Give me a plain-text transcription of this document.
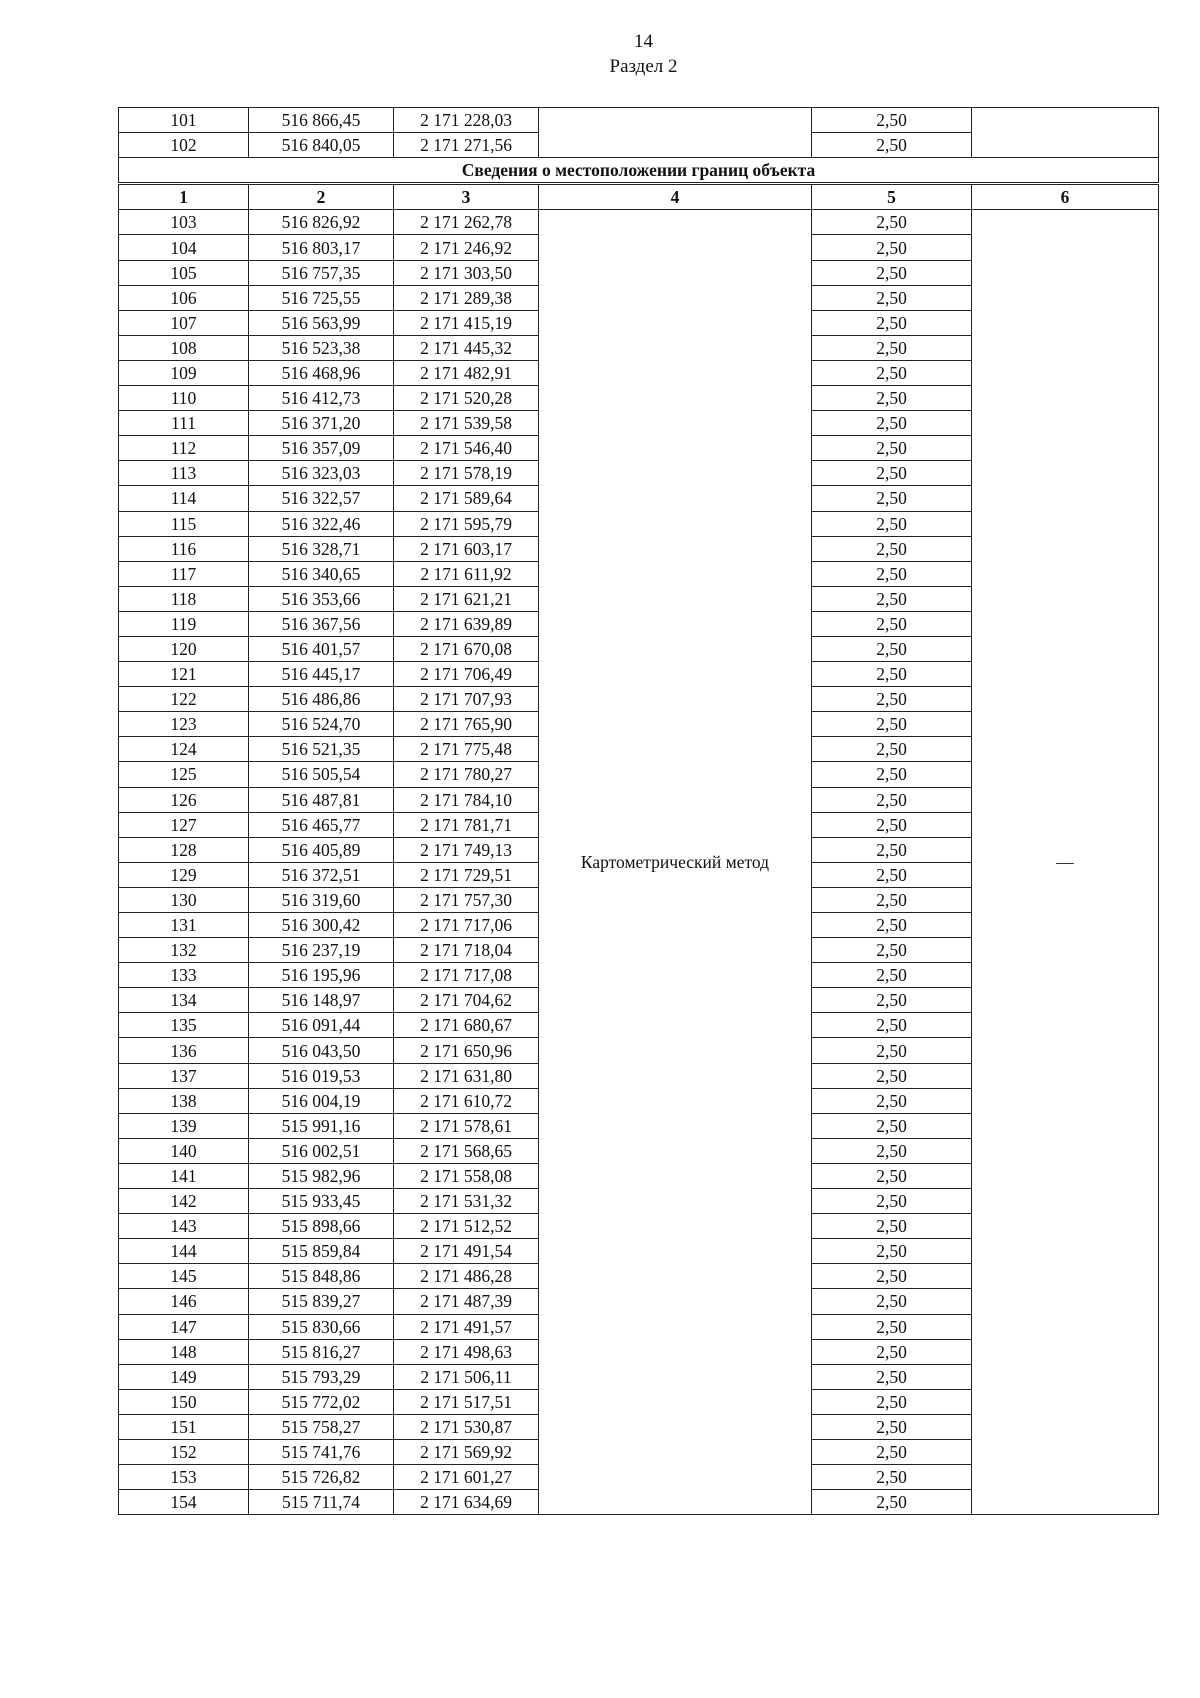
14
Раздел 2
101	516 866,45	2 171 228,03		2,50	
102	516 840,05	2 171 271,56		2,50	
Сведения о местоположении границ объекта					
1	2	3	4	5	6
103	516 826,92	2 171 262,78	Картометрический метод	2,50	—
104	516 803,17	2 171 246,92		2,50	
105	516 757,35	2 171 303,50		2,50	
106	516 725,55	2 171 289,38		2,50	
107	516 563,99	2 171 415,19		2,50	
108	516 523,38	2 171 445,32		2,50	
109	516 468,96	2 171 482,91		2,50	
110	516 412,73	2 171 520,28		2,50	
111	516 371,20	2 171 539,58		2,50	
112	516 357,09	2 171 546,40		2,50	
113	516 323,03	2 171 578,19		2,50	
114	516 322,57	2 171 589,64		2,50	
115	516 322,46	2 171 595,79		2,50	
116	516 328,71	2 171 603,17		2,50	
117	516 340,65	2 171 611,92		2,50	
118	516 353,66	2 171 621,21		2,50	
119	516 367,56	2 171 639,89		2,50	
120	516 401,57	2 171 670,08		2,50	
121	516 445,17	2 171 706,49		2,50	
122	516 486,86	2 171 707,93		2,50	
123	516 524,70	2 171 765,90		2,50	
124	516 521,35	2 171 775,48		2,50	
125	516 505,54	2 171 780,27		2,50	
126	516 487,81	2 171 784,10		2,50	
127	516 465,77	2 171 781,71		2,50	
128	516 405,89	2 171 749,13		2,50	
129	516 372,51	2 171 729,51		2,50	
130	516 319,60	2 171 757,30		2,50	
131	516 300,42	2 171 717,06		2,50	
132	516 237,19	2 171 718,04		2,50	
133	516 195,96	2 171 717,08		2,50	
134	516 148,97	2 171 704,62		2,50	
135	516 091,44	2 171 680,67		2,50	
136	516 043,50	2 171 650,96		2,50	
137	516 019,53	2 171 631,80		2,50	
138	516 004,19	2 171 610,72		2,50	
139	515 991,16	2 171 578,61		2,50	
140	516 002,51	2 171 568,65		2,50	
141	515 982,96	2 171 558,08		2,50	
142	515 933,45	2 171 531,32		2,50	
143	515 898,66	2 171 512,52		2,50	
144	515 859,84	2 171 491,54		2,50	
145	515 848,86	2 171 486,28		2,50	
146	515 839,27	2 171 487,39		2,50	
147	515 830,66	2 171 491,57		2,50	
148	515 816,27	2 171 498,63		2,50	
149	515 793,29	2 171 506,11		2,50	
150	515 772,02	2 171 517,51		2,50	
151	515 758,27	2 171 530,87		2,50	
152	515 741,76	2 171 569,92		2,50	
153	515 726,82	2 171 601,27		2,50	
154	515 711,74	2 171 634,69		2,50	
